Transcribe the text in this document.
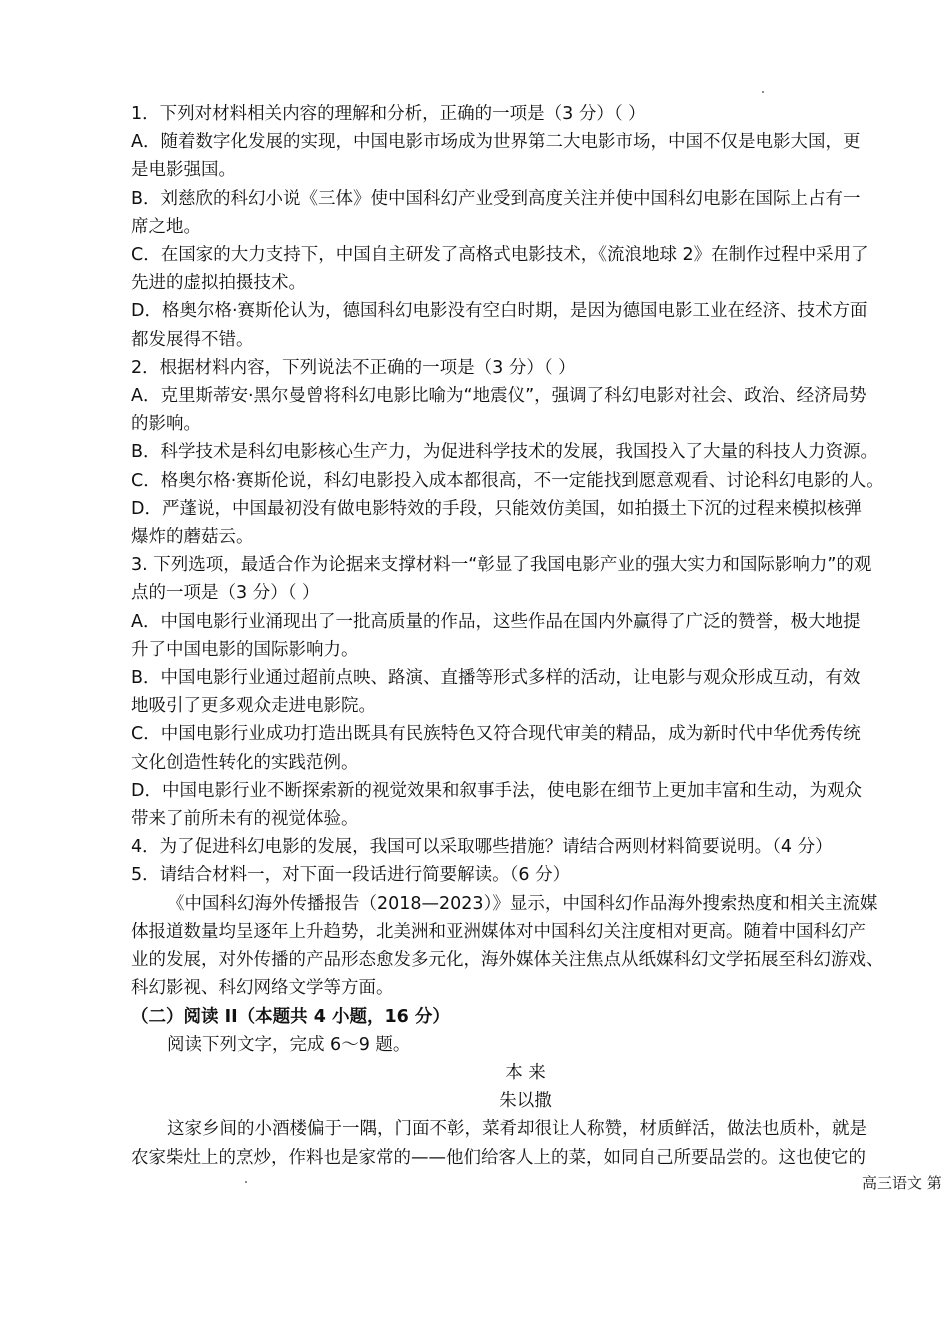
1．下列对材料相关内容的理解和分析，正确的一项是（3 分）（ ）
A．随着数字化发展的实现，中国电影市场成为世界第二大电影市场，中国不仅是电影大国，更
是电影强国。
B．刘慈欣的科幻小说《三体》使中国科幻产业受到高度关注并使中国科幻电影在国际上占有一
席之地。
C．在国家的大力支持下，中国自主研发了高格式电影技术，《流浪地球 2》在制作过程中采用了
先进的虚拟拍摄技术。
D．格奥尔格·赛斯伦认为，德国科幻电影没有空白时期，是因为德国电影工业在经济、技术方面
都发展得不错。
2．根据材料内容，下列说法不正确的一项是（3 分）（ ）
A．克里斯蒂安·黑尔曼曾将科幻电影比喻为“地震仪”，强调了科幻电影对社会、政治、经济局势
的影响。
B．科学技术是科幻电影核心生产力，为促进科学技术的发展，我国投入了大量的科技人力资源。
C．格奥尔格·赛斯伦说，科幻电影投入成本都很高，不一定能找到愿意观看、讨论科幻电影的人。
D．严蓬说，中国最初没有做电影特效的手段，只能效仿美国，如拍摄土下沉的过程来模拟核弹
爆炸的蘑菇云。
3. 下列选项，最适合作为论据来支撑材料一“彰显了我国电影产业的强大实力和国际影响力”的观
点的一项是（3 分）（ ）
A．中国电影行业涌现出了一批高质量的作品，这些作品在国内外赢得了广泛的赞誉，极大地提
升了中国电影的国际影响力。
B．中国电影行业通过超前点映、路演、直播等形式多样的活动，让电影与观众形成互动，有效
地吸引了更多观众走进电影院。
C．中国电影行业成功打造出既具有民族特色又符合现代审美的精品，成为新时代中华优秀传统
文化创造性转化的实践范例。
D．中国电影行业不断探索新的视觉效果和叙事手法，使电影在细节上更加丰富和生动，为观众
带来了前所未有的视觉体验。
4．为了促进科幻电影的发展，我国可以采取哪些措施？请结合两则材料简要说明。（4 分）
5．请结合材料一，对下面一段话进行简要解读。（6 分）
《中国科幻海外传播报告（2018—2023）》显示，中国科幻作品海外搜索热度和相关主流媒
体报道数量均呈逐年上升趋势，北美洲和亚洲媒体对中国科幻关注度相对更高。随着中国科幻产
业的发展，对外传播的产品形态愈发多元化，海外媒体关注焦点从纸媒科幻文学拓展至科幻游戏、
科幻影视、科幻网络文学等方面。
（二）阅读 II（本题共 4 小题，16 分）
阅读下列文字，完成 6～9 题。
本 来
朱以撒
这家乡间的小酒楼偏于一隅，门面不彰，菜肴却很让人称赞，材质鲜活，做法也质朴，就是
农家柴灶上的烹炒，作料也是家常的——他们给客人上的菜，如同自己所要品尝的。这也使它的
高三语文 第
